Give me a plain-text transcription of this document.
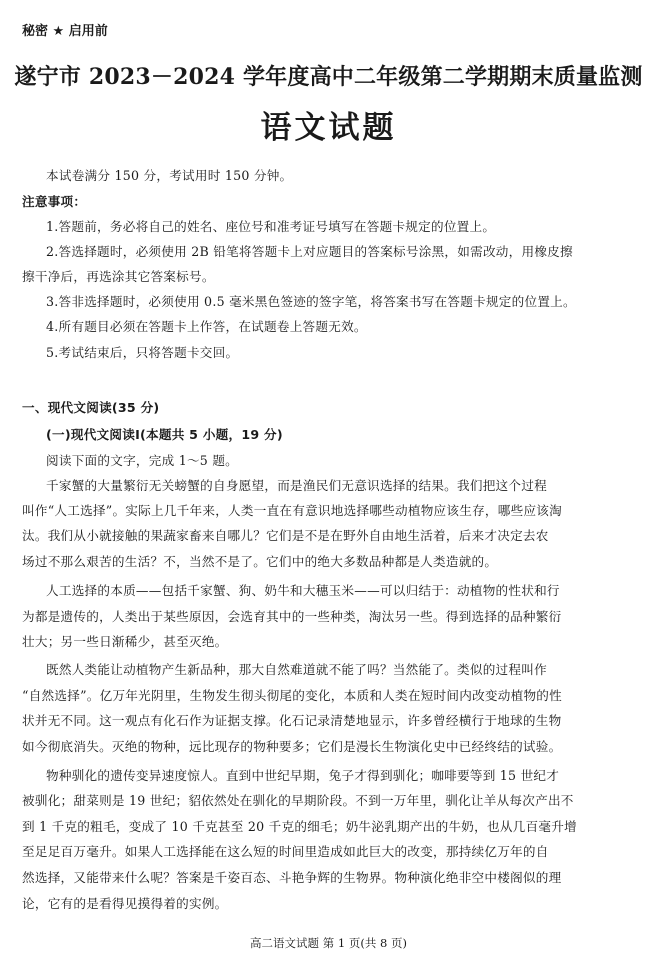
秘密 ★ 启用前
遂宁市 2023－2024 学年度高中二年级第二学期期末质量监测
语文试题
本试卷满分 150 分，考试用时 150 分钟。
注意事项：
1.答题前，务必将自己的姓名、座位号和准考证号填写在答题卡规定的位置上。
2.答选择题时，必须使用 2B 铅笔将答题卡上对应题目的答案标号涂黑，如需改动，用橡皮擦
擦干净后，再选涂其它答案标号。
3.答非选择题时，必须使用 0.5 毫米黑色签迹的签字笔，将答案书写在答题卡规定的位置上。
4.所有题目必须在答题卡上作答，在试题卷上答题无效。
5.考试结束后，只将答题卡交回。
一、现代文阅读(35 分)
(一)现代文阅读Ⅰ(本题共 5 小题，19 分)
阅读下面的文字，完成 1～5 题。
千家蟹的大量繁衍无关螃蟹的自身愿望，而是渔民们无意识选择的结果。我们把这个过程
叫作“人工选择”。实际上几千年来，人类一直在有意识地选择哪些动植物应该生存，哪些应该淘
汰。我们从小就接触的果蔬家畜来自哪儿？它们是不是在野外自由地生活着，后来才决定去农
场过不那么艰苦的生活？不，当然不是了。它们中的绝大多数品种都是人类造就的。
人工选择的本质——包括千家蟹、狗、奶牛和大穗玉米——可以归结于：动植物的性状和行
为都是遗传的，人类出于某些原因，会选育其中的一些种类，淘汰另一些。得到选择的品种繁衍
壮大；另一些日渐稀少，甚至灭绝。
既然人类能让动植物产生新品种，那大自然难道就不能了吗？当然能了。类似的过程叫作
“自然选择”。亿万年光阴里，生物发生彻头彻尾的变化，本质和人类在短时间内改变动植物的性
状并无不同。这一观点有化石作为证据支撑。化石记录清楚地显示，许多曾经横行于地球的生物
如今彻底消失。灭绝的物种，远比现存的物种要多；它们是漫长生物演化史中已经终结的试验。
物种驯化的遗传变异速度惊人。直到中世纪早期，兔子才得到驯化；咖啡要等到 15 世纪才
被驯化；甜菜则是 19 世纪；貂依然处在驯化的早期阶段。不到一万年里，驯化让羊从每次产出不
到 1 千克的粗毛，变成了 10 千克甚至 20 千克的细毛；奶牛泌乳期产出的牛奶，也从几百毫升增
至足足百万毫升。如果人工选择能在这么短的时间里造成如此巨大的改变，那持续亿万年的自
然选择，又能带来什么呢？答案是千姿百态、斗艳争辉的生物界。物种演化绝非空中楼阁似的理
论，它有的是看得见摸得着的实例。
高二语文试题 第 1 页(共 8 页)
